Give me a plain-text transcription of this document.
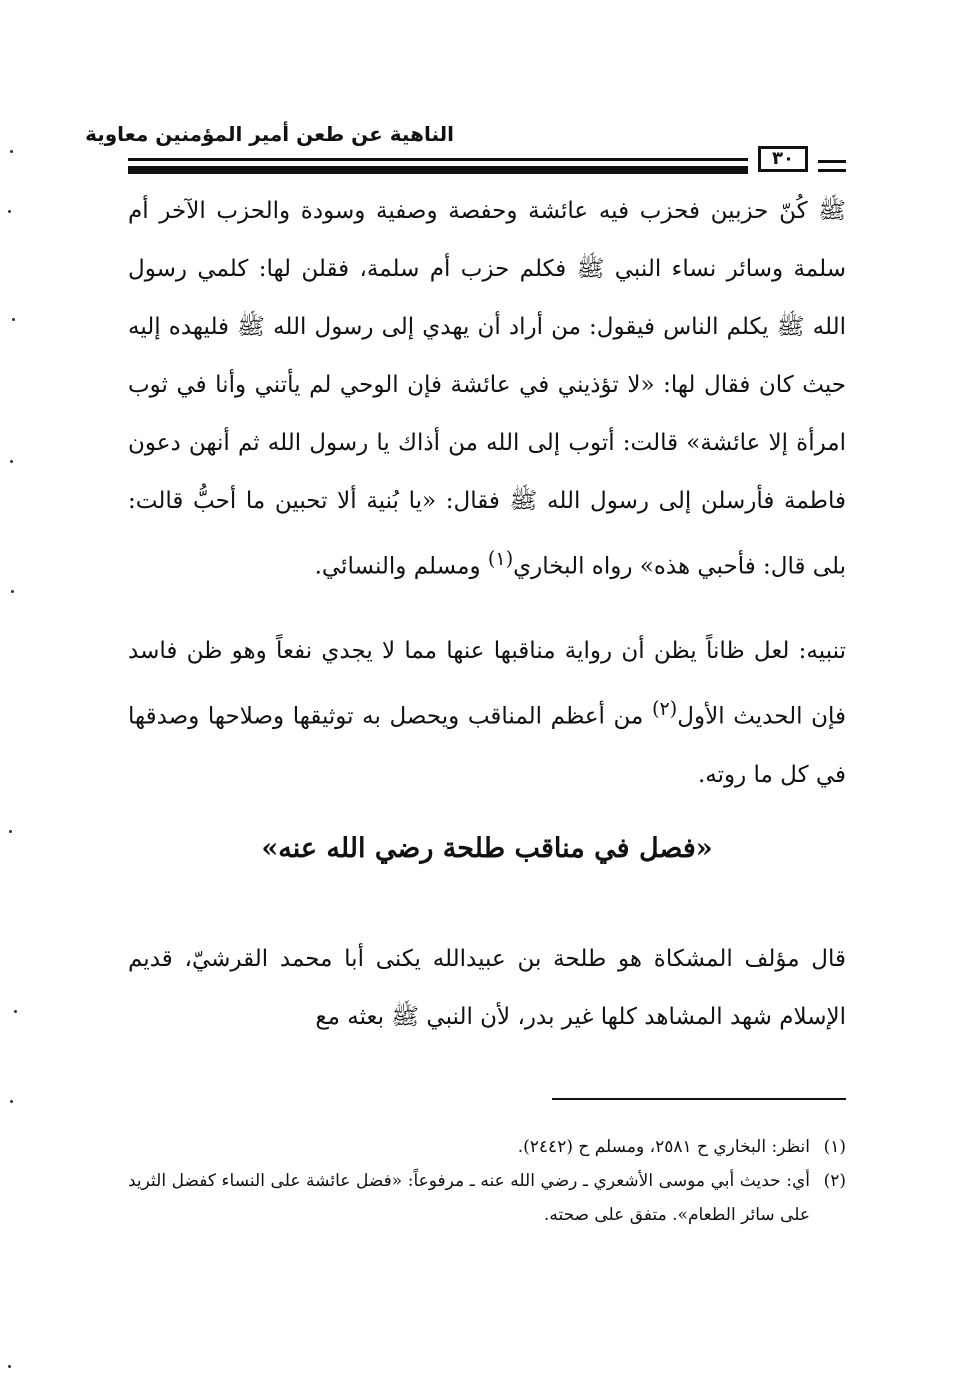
الناهية عن طعن أمير المؤمنين معاوية
٣٠

ﷺ كُنّ حزبين فحزب فيه عائشة وحفصة وصفية وسودة والحزب الآخر أم سلمة وسائر نساء النبي ﷺ فكلم حزب أم سلمة، فقلن لها: كلمي رسول الله ﷺ يكلم الناس فيقول: من أراد أن يهدي إلى رسول الله ﷺ فليهده إليه حيث كان فقال لها: «لا تؤذيني في عائشة فإن الوحي لم يأتني وأنا في ثوب امرأة إلا عائشة» قالت: أتوب إلى الله من أذاك يا رسول الله ثم أنهن دعون فاطمة فأرسلن إلى رسول الله ﷺ فقال: «يا بُنية ألا تحبين ما أحبُّ قالت: بلى قال: فأحبي هذه» رواه البخاري$^{(١)}$ ومسلم والنسائي.

تنبيه: لعل ظاناً يظن أن رواية مناقبها عنها مما لا يجدي نفعاً وهو ظن فاسد فإن الحديث الأول$^{(٢)}$ من أعظم المناقب ويحصل به توثيقها وصلاحها وصدقها في كل ما روته.

«فصل في مناقب طلحة رضي الله عنه»

قال مؤلف المشكاة هو طلحة بن عبيدالله يكنى أبا محمد القرشيّ، قديم الإسلام شهد المشاهد كلها غير بدر، لأن النبي ﷺ بعثه مع

(١)
انظر: البخاري ح ٢٥٨١، ومسلم ح (٢٤٤٢).
(٢)
أي: حديث أبي موسى الأشعري ـ رضي الله عنه ـ مرفوعاً: «فضل عائشة على النساء كفضل الثريد على سائر الطعام». متفق على صحته.
